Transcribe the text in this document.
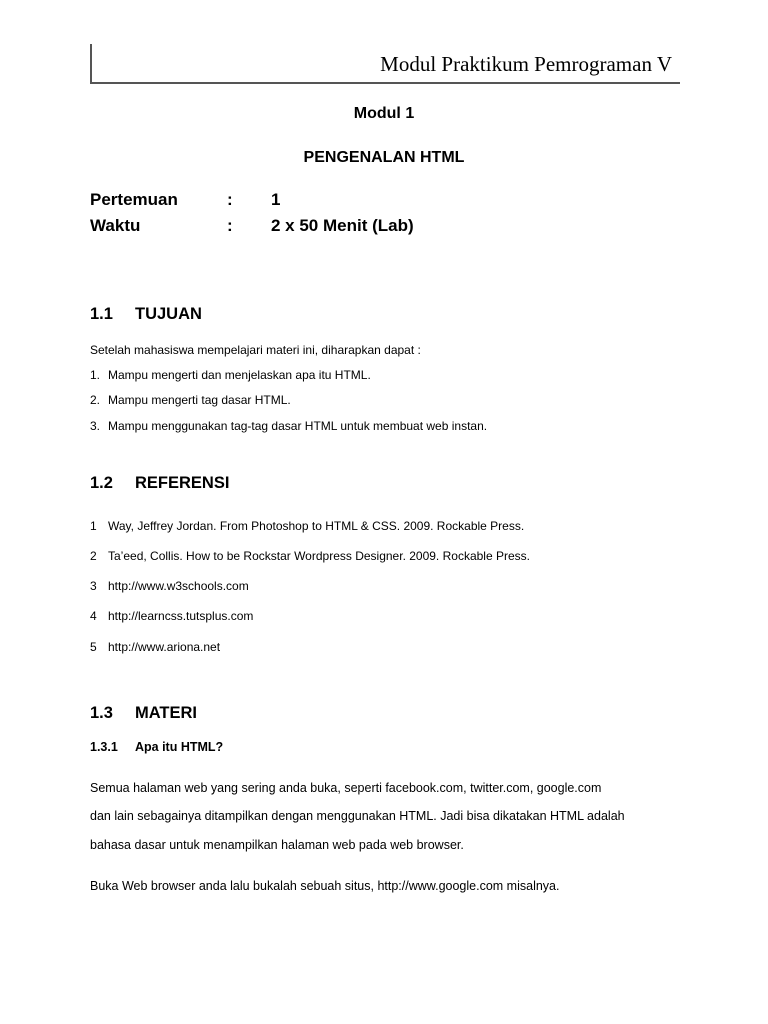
Modul Praktikum Pemrograman V
Modul 1
PENGENALAN HTML
Pertemuan	: 1
Waktu	: 2 x 50 Menit (Lab)
1.1 TUJUAN
Setelah mahasiswa mempelajari materi ini, diharapkan dapat :
1. Mampu mengerti dan menjelaskan apa itu HTML.
2. Mampu mengerti tag dasar HTML.
3. Mampu menggunakan tag-tag dasar HTML untuk membuat web instan.
1.2 REFERENSI
1 Way, Jeffrey Jordan. From Photoshop to HTML & CSS. 2009. Rockable Press.
2 Ta’eed, Collis. How to be Rockstar Wordpress Designer. 2009. Rockable Press.
3 http://www.w3schools.com
4 http://learncss.tutsplus.com
5 http://www.ariona.net
1.3 MATERI
1.3.1 Apa itu HTML?
Semua halaman web yang sering anda buka, seperti facebook.com, twitter.com, google.com
dan lain sebagainya ditampilkan dengan menggunakan HTML. Jadi bisa dikatakan HTML adalah
bahasa dasar untuk menampilkan halaman web pada web browser.
Buka Web browser anda lalu bukalah sebuah situs, http://www.google.com misalnya.
